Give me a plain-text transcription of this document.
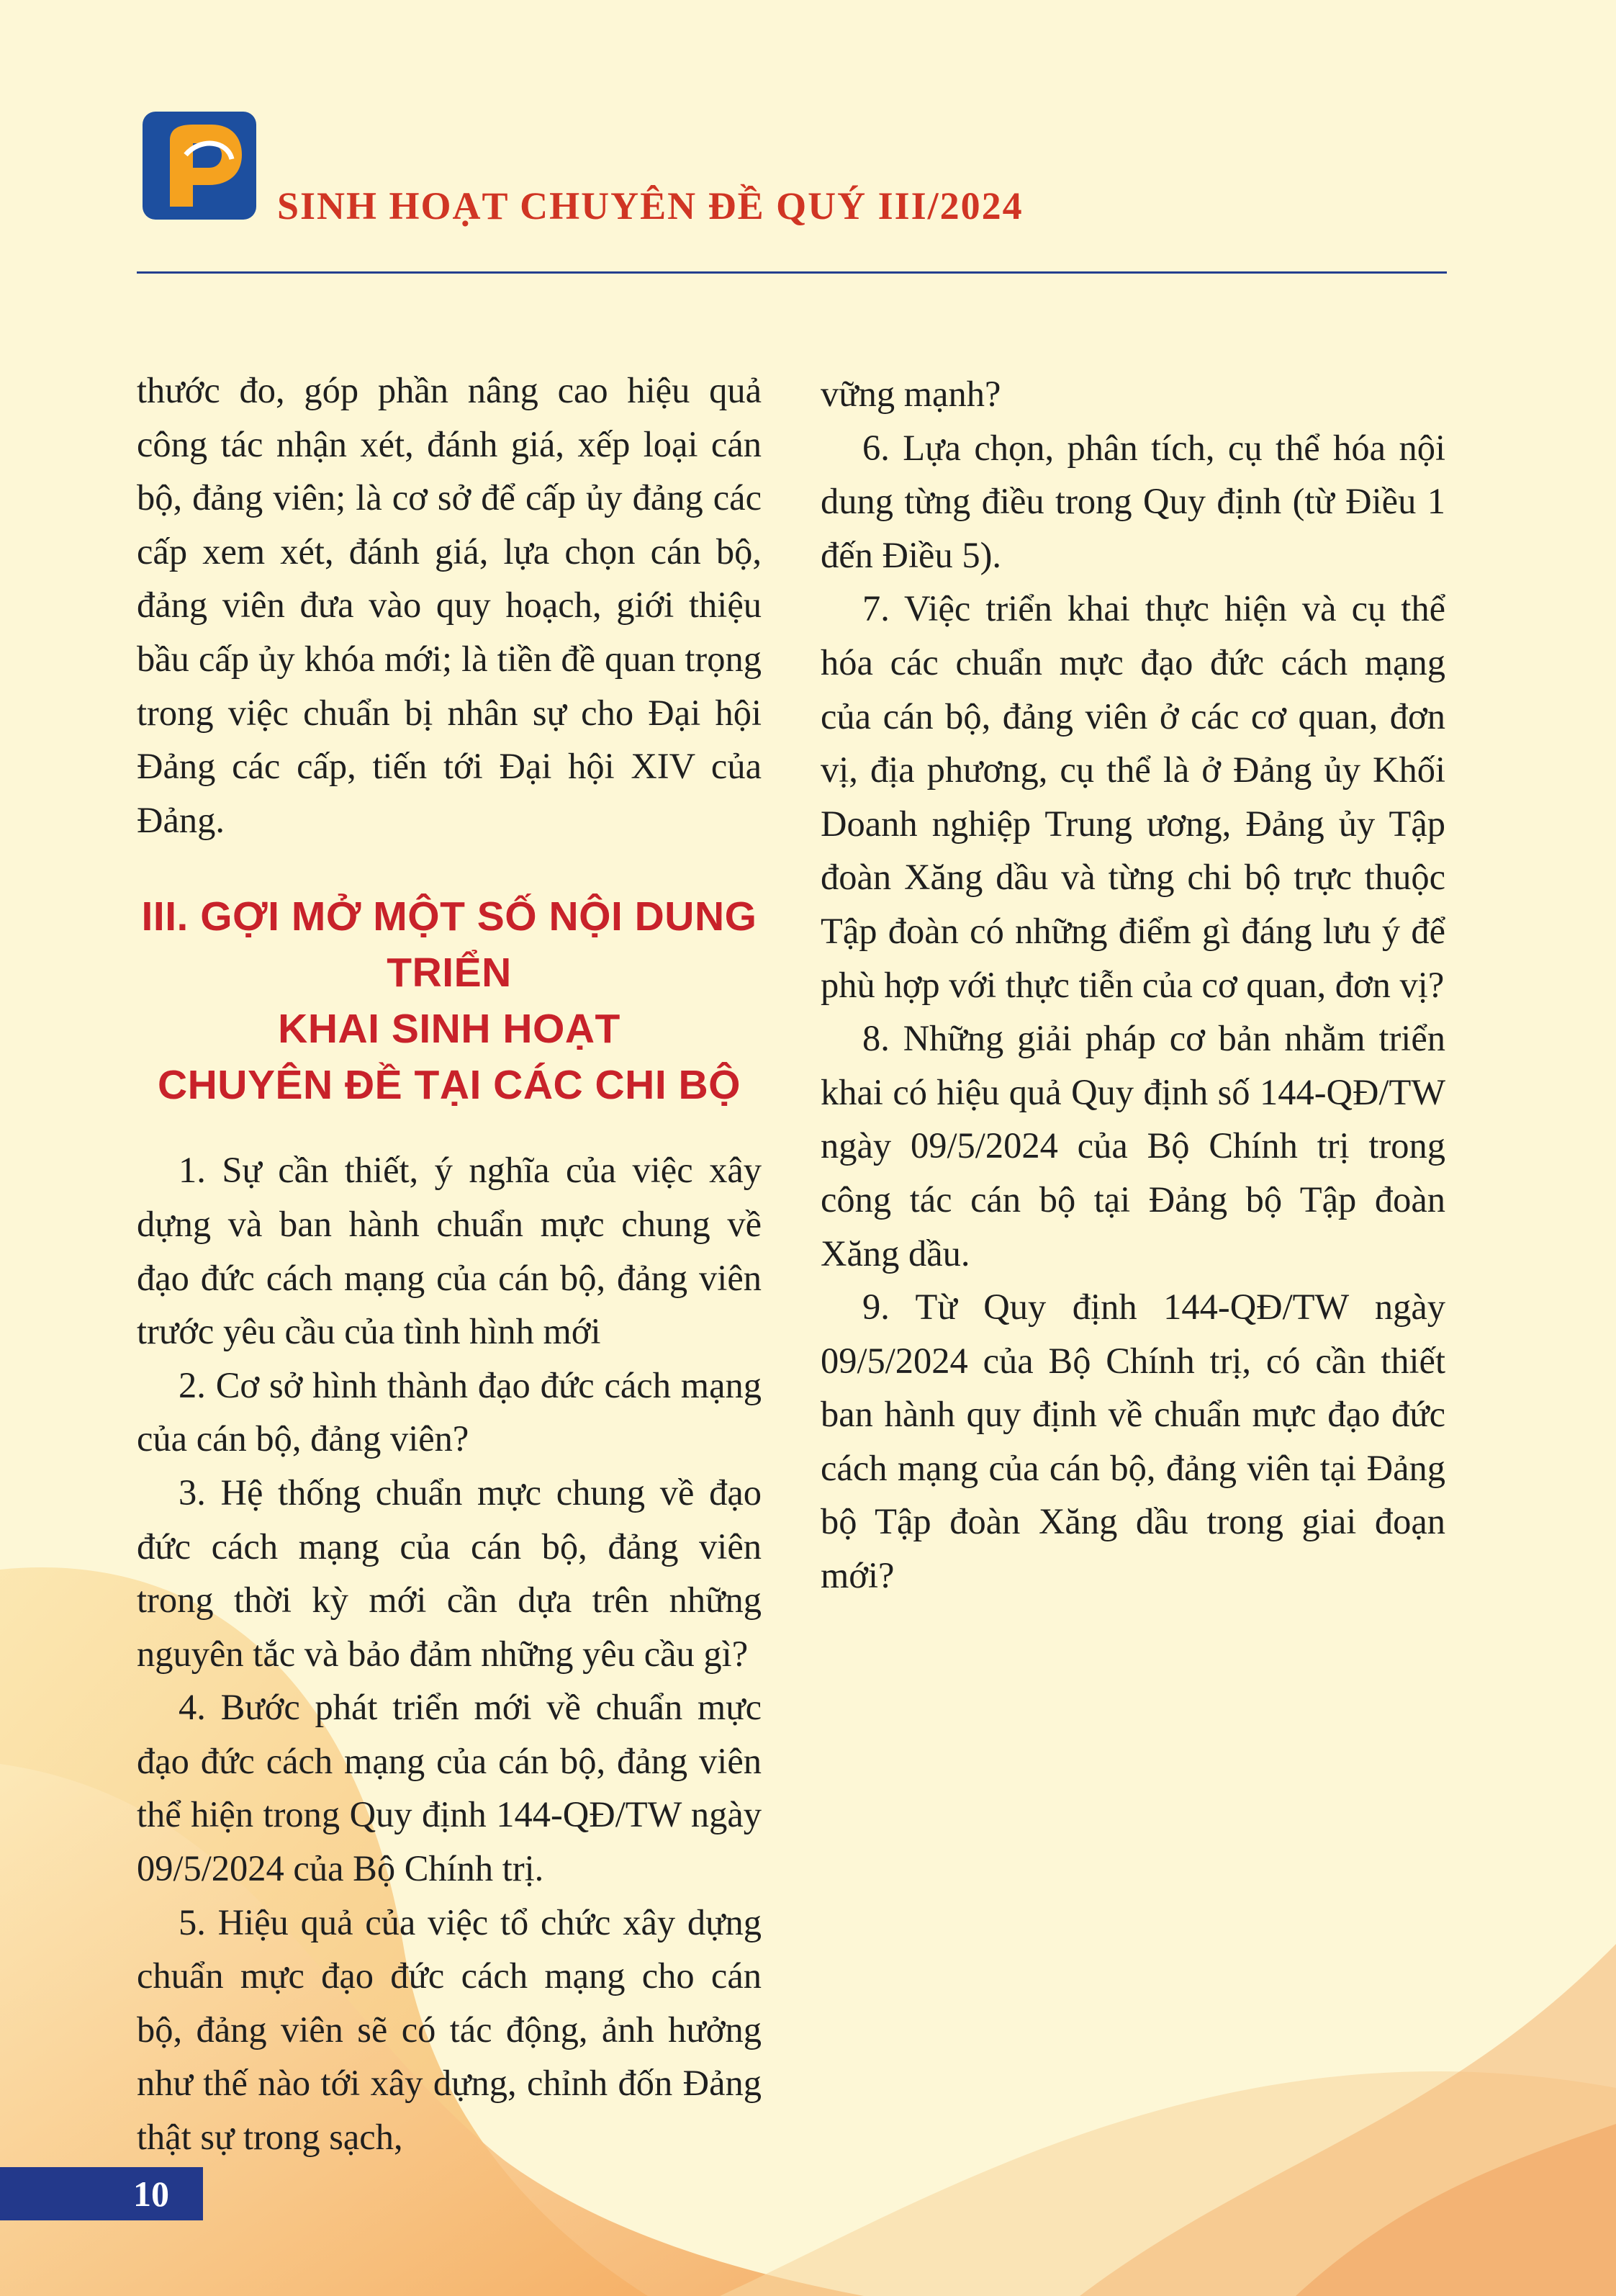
SINH HOẠT CHUYÊN ĐỀ QUÝ III/2024

thước đo, góp phần nâng cao hiệu quả công tác nhận xét, đánh giá, xếp loại cán bộ, đảng viên; là cơ sở để cấp ủy đảng các cấp xem xét, đánh giá, lựa chọn cán bộ, đảng viên đưa vào quy hoạch, giới thiệu bầu cấp ủy khóa mới; là tiền đề quan trọng trong việc chuẩn bị nhân sự cho Đại hội Đảng các cấp, tiến tới Đại hội XIV của Đảng.

III. GỢI MỞ MỘT SỐ NỘI DUNG TRIỂN
KHAI SINH HOẠT
CHUYÊN ĐỀ TẠI CÁC CHI BỘ

1. Sự cần thiết, ý nghĩa của việc xây dựng và ban hành chuẩn mực chung về đạo đức cách mạng của cán bộ, đảng viên trước yêu cầu của tình hình mới

2. Cơ sở hình thành đạo đức cách mạng của cán bộ, đảng viên?

3. Hệ thống chuẩn mực chung về đạo đức cách mạng của cán bộ, đảng viên trong thời kỳ mới cần dựa trên những nguyên tắc và bảo đảm những yêu cầu gì?

4. Bước phát triển mới về chuẩn mực đạo đức cách mạng của cán bộ, đảng viên thể hiện trong Quy định 144-QĐ/TW ngày 09/5/2024 của Bộ Chính trị.

5. Hiệu quả của việc tổ chức xây dựng chuẩn mực đạo đức cách mạng cho cán bộ, đảng viên sẽ có tác động, ảnh hưởng như thế nào tới xây dựng, chỉnh đốn Đảng thật sự trong sạch,

vững mạnh?

6. Lựa chọn, phân tích, cụ thể hóa nội dung từng điều trong Quy định (từ Điều 1 đến Điều 5).

7. Việc triển khai thực hiện và cụ thể hóa các chuẩn mực đạo đức cách mạng của cán bộ, đảng viên ở các cơ quan, đơn vị, địa phương, cụ thể là ở Đảng ủy Khối Doanh nghiệp Trung ương, Đảng ủy Tập đoàn Xăng dầu và từng chi bộ trực thuộc Tập đoàn có những điểm gì đáng lưu ý để phù hợp với thực tiễn của cơ quan, đơn vị?

8. Những giải pháp cơ bản nhằm triển khai có hiệu quả Quy định số 144-QĐ/TW ngày 09/5/2024 của Bộ Chính trị trong công tác cán bộ tại Đảng bộ Tập đoàn Xăng dầu.

9. Từ Quy định 144-QĐ/TW ngày 09/5/2024 của Bộ Chính trị, có cần thiết ban hành quy định về chuẩn mực đạo đức cách mạng của cán bộ, đảng viên tại Đảng bộ Tập đoàn Xăng dầu trong giai đoạn mới?

10
